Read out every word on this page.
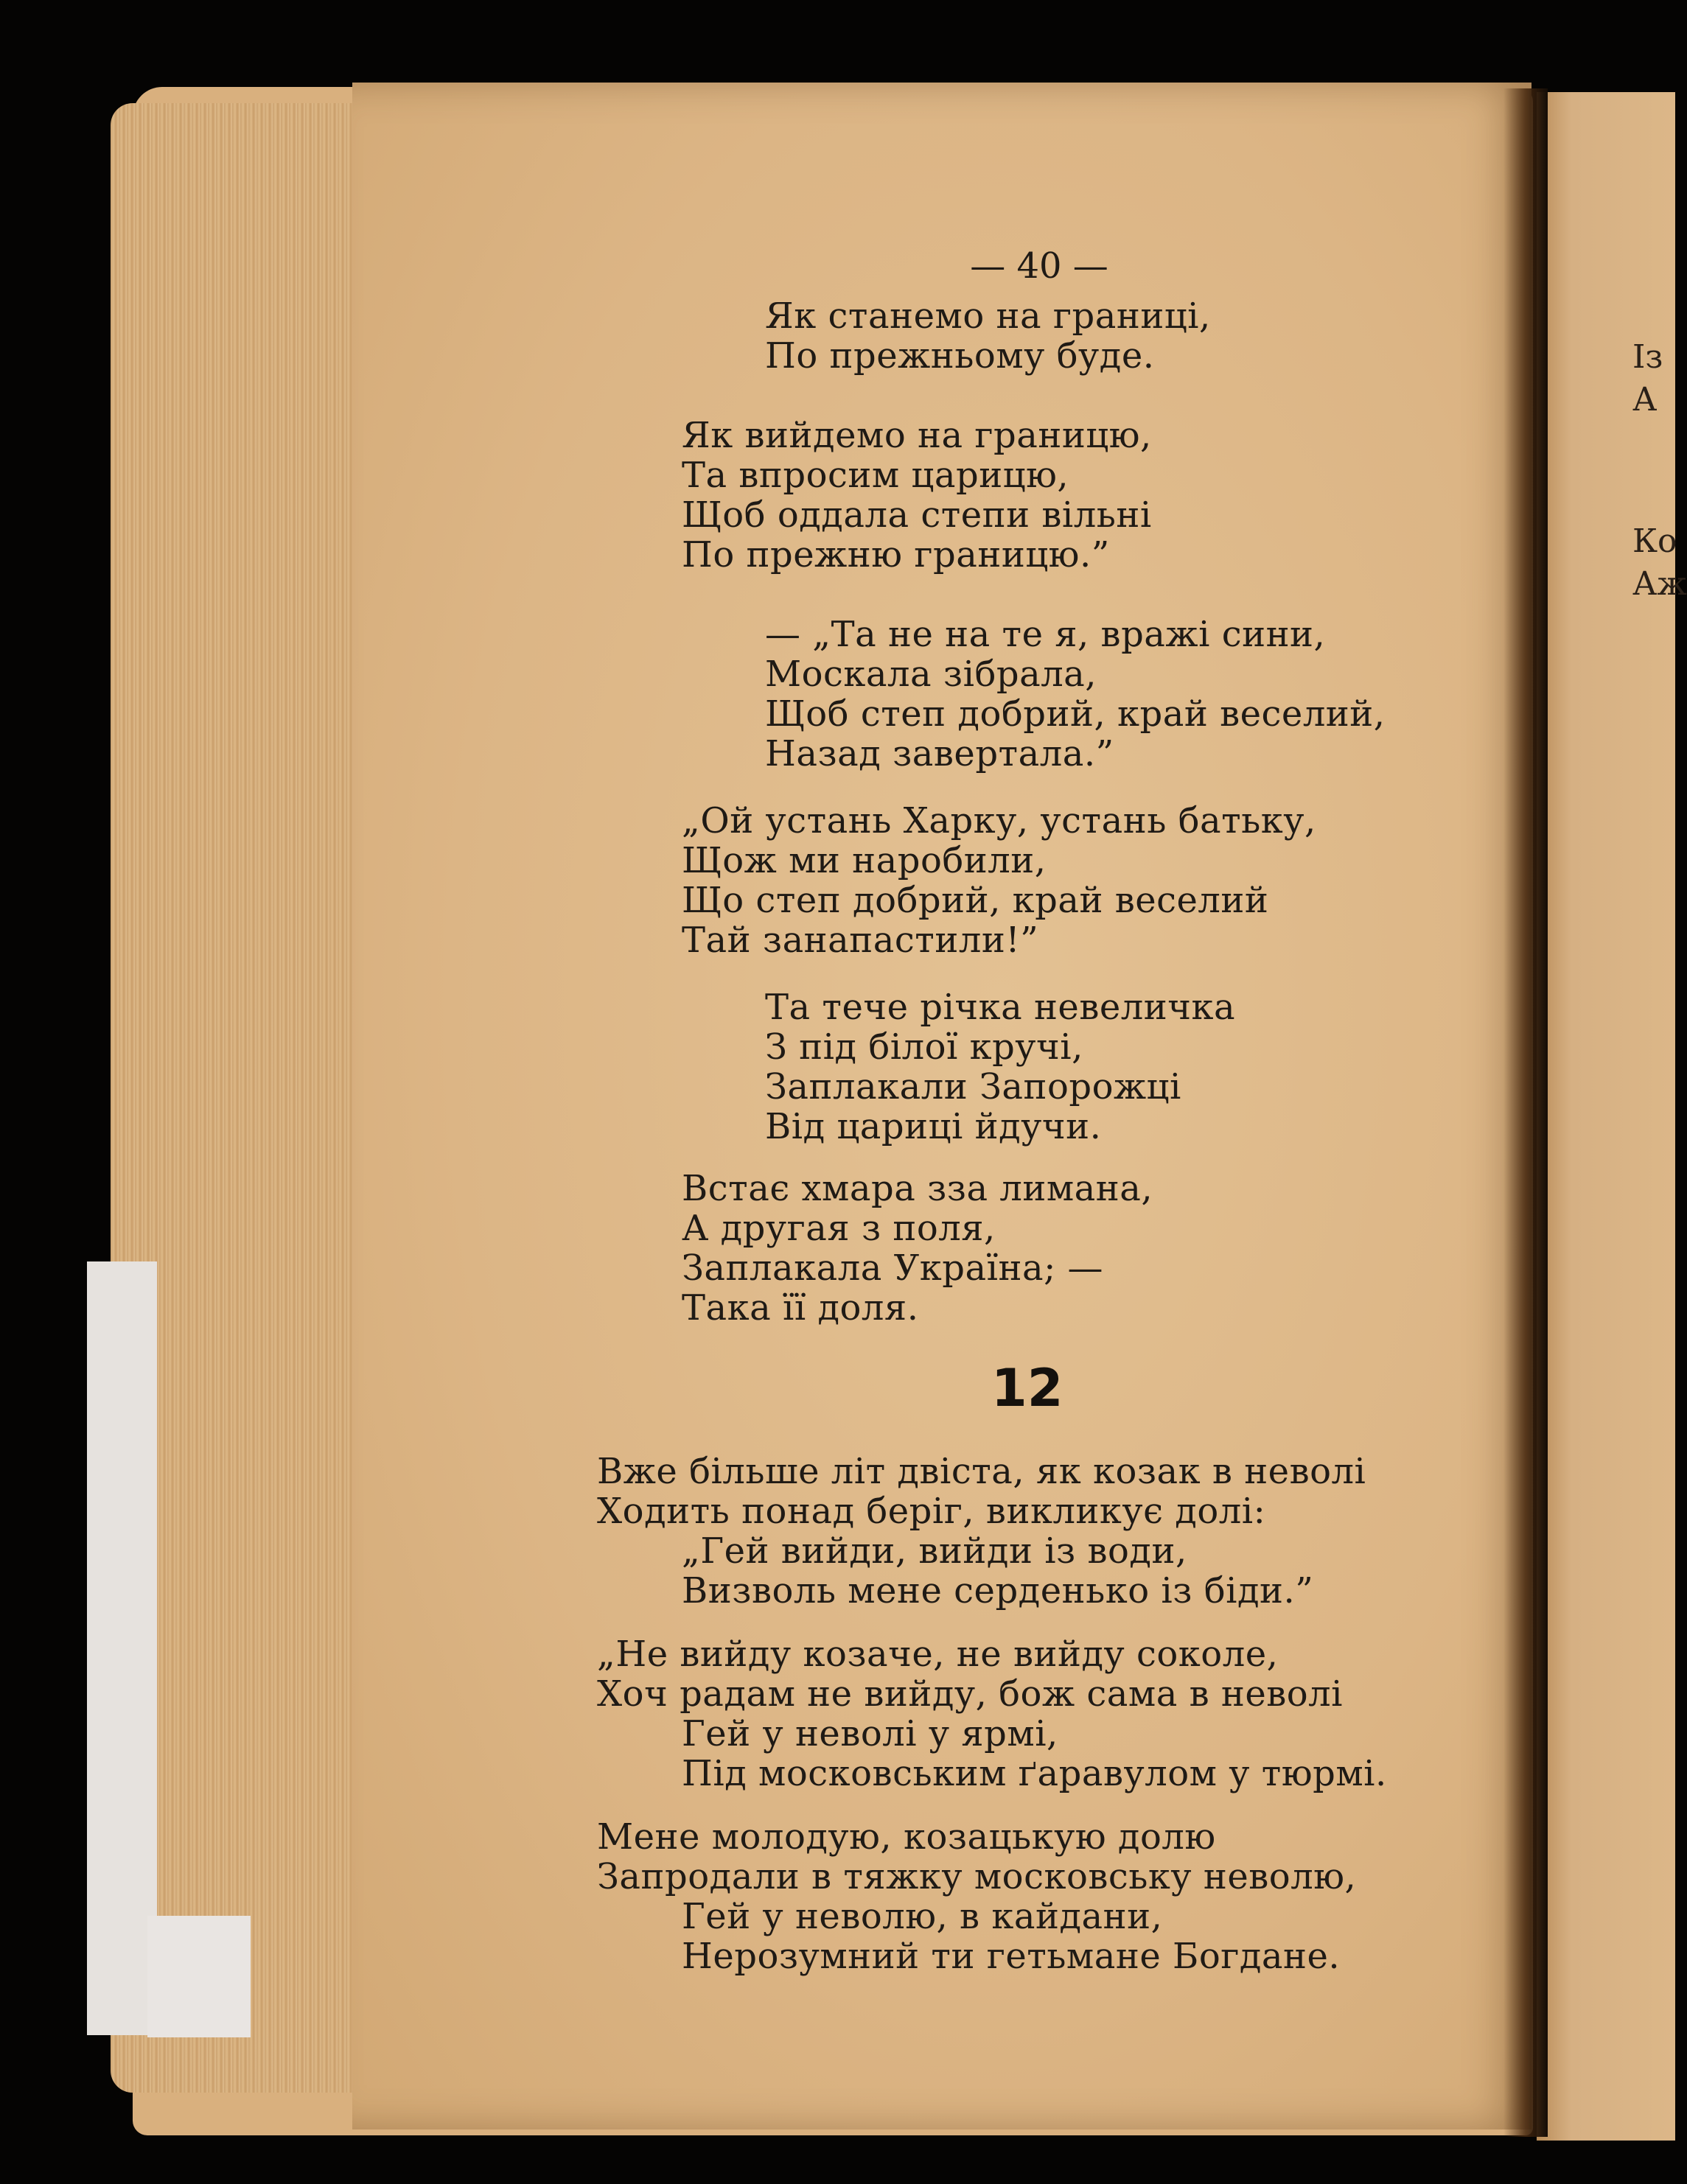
Із
А
Ко
Аж
— 40 —
Як станемо на границі,
По прежньому буде.
Як вийдемо на границю,
Та впросим царицю,
Щоб оддала степи вільні
По прежню границю.”
— „Та не на те я, вражі сини,
Москала зібрала,
Щоб степ добрий, край веселий,
Назад завертала.”
„Ой устань Харку, устань батьку,
Щож ми наробили,
Що степ добрий, край веселий
Тай занапастили!”
Та тече річка невеличка
З під білої кручі,
Заплакали Запорожці
Від цариці йдучи.
Встає хмара зза лимана,
А другая з поля,
Заплакала Україна; —
Така її доля.
12
Вже більше літ двіста, як козак в неволі
Ходить понад беріг, викликує долі:
„Гей вийди, вийди із води,
Визволь мене серденько із біди.”
„Не вийду козаче, не вийду соколе,
Хоч радам не вийду, бож сама в неволі
Гей у неволі у ярмі,
Під московським ґаравулом у тюрмі.
Мене молодую, козацькую долю
Запродали в тяжку московську неволю,
Гей у неволю, в кайдани,
Нерозумний ти гетьмане Богдане.
